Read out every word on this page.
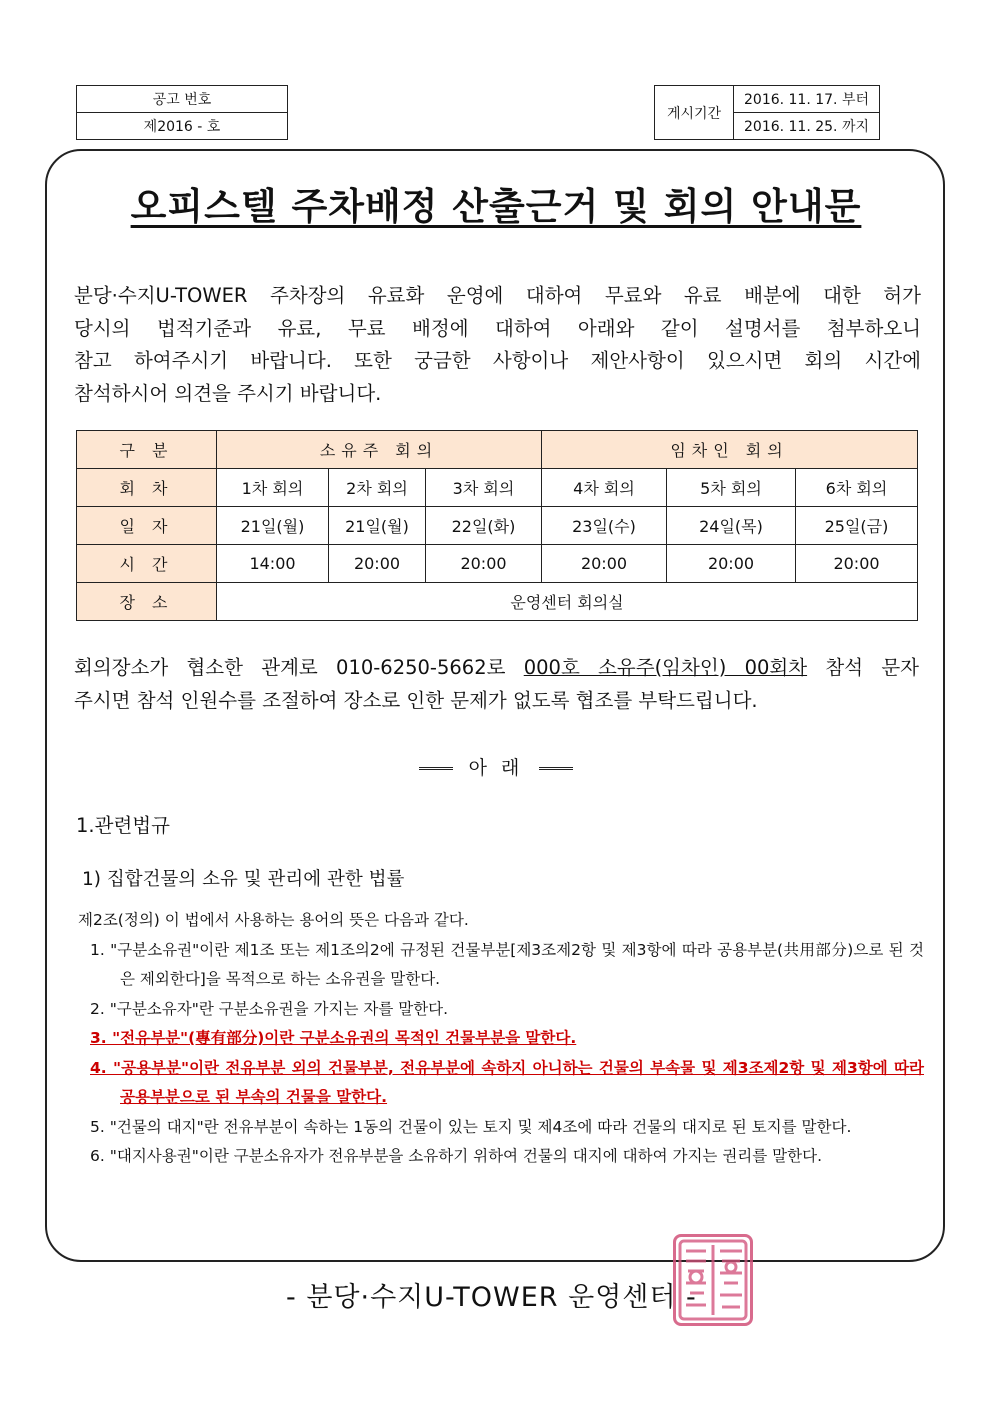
공고 번호
제2016 - 호
게시기간	2016. 11. 17. 부터
2016. 11. 25. 까지
오피스텔 주차배정 산출근거 및 회의 안내문
분당·수지U-TOWER 주차장의 유료화 운영에 대하여 무료와 유료 배분에 대한 허가
당시의 법적기준과 유료, 무료 배정에 대하여 아래와 같이 설명서를 첨부하오니
참고 하여주시기 바랍니다. 또한 궁금한 사항이나 제안사항이 있으시면 회의 시간에
참석하시어 의견을 주시기 바랍니다.
구 분	소유주 회의			임차인 회의		
회 차	1차 회의	2차 회의	3차 회의	4차 회의	5차 회의	6차 회의
일 자	21일(월)	21일(월)	22일(화)	23일(수)	24일(목)	25일(금)
시 간	14:00	20:00	20:00	20:00	20:00	20:00
장 소	운영센터 회의실					
회의장소가 협소한 관계로 010-6250-5662로 000호 소유주(임차인) 00회차 참석 문자
주시면 참석 인원수를 조절하여 장소로 인한 문제가 없도록 협조를 부탁드립니다.
아 래
1.관련법규
1) 집합건물의 소유 및 관리에 관한 법률
제2조(정의) 이 법에서 사용하는 용어의 뜻은 다음과 같다.
1. "구분소유권"이란 제1조 또는 제1조의2에 규정된 건물부분[제3조제2항 및 제3항에 따라 공용부분(共用部分)으로 된 것은 제외한다]을 목적으로 하는 소유권을 말한다.
2. "구분소유자"란 구분소유권을 가지는 자를 말한다.
3. "전유부분"(專有部分)이란 구분소유권의 목적인 건물부분을 말한다.
4. "공용부분"이란 전유부분 외의 건물부분, 전유부분에 속하지 아니하는 건물의 부속물 및 제3조제2항 및 제3항에 따라 공용부분으로 된 부속의 건물을 말한다.
5. "건물의 대지"란 전유부분이 속하는 1동의 건물이 있는 토지 및 제4조에 따라 건물의 대지로 된 토지를 말한다.
6. "대지사용권"이란 구분소유자가 전유부분을 소유하기 위하여 건물의 대지에 대하여 가지는 권리를 말한다.
- 분당·수지U-TOWER 운영센터 -
